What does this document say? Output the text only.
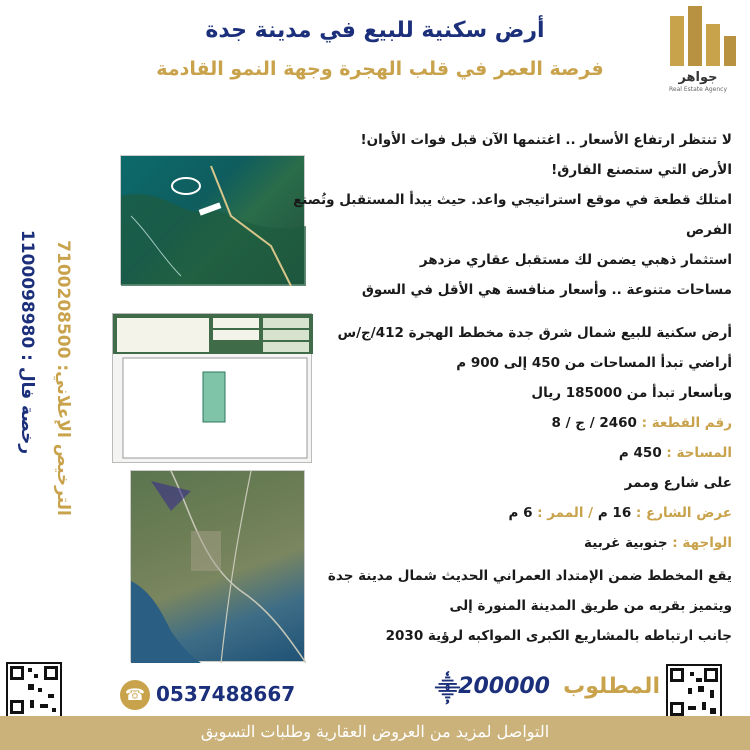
أرض سكنية للبيع في مدينة جدة
فرصة العمر في قلب الهجرة وجهة النمو القادمة	جواهر
Real Estate Agency
رخصة فال : 1100098980
الترخيص الإعلاني: 7100208500
لا تنتظر ارتفاع الأسعار .. اغتنمها الآن قبل فوات الأوان!
الأرض التي ستصنع الفارق!
امتلك قطعة في موقع استراتيجي واعد. حيث يبدأ المستقبل وتُصنع
الفرص
استثمار ذهبي يضمن لك مستقبل عقاري مزدهر
مساحات متنوعة .. وأسعار منافسة هي الأقل في السوق
أرض سكنية للبيع شمال شرق جدة مخطط الهجرة 412/ج/س
أراضي تبدأ المساحات من 450 إلى 900 م
وبأسعار تبدأ من 185000 ريال
رقم القطعة : 2460 / ج / 8
المساحة : 450 م
على شارع وممر
عرض الشارع : 16 م / الممر : 6 م
الواجهة : جنوبية غربية
يقع المخطط ضمن الإمتداد العمراني الحديث شمال مدينة جدة
ويتميز بقربه من طريق المدينة المنورة إلى
جانب ارتباطه بالمشاريع الكبرى المواكبه لرؤية 2030
☎ 0537488667	المطلوب
200000
⸎
التواصل لمزيد من العروض العقارية وطلبات التسويق
